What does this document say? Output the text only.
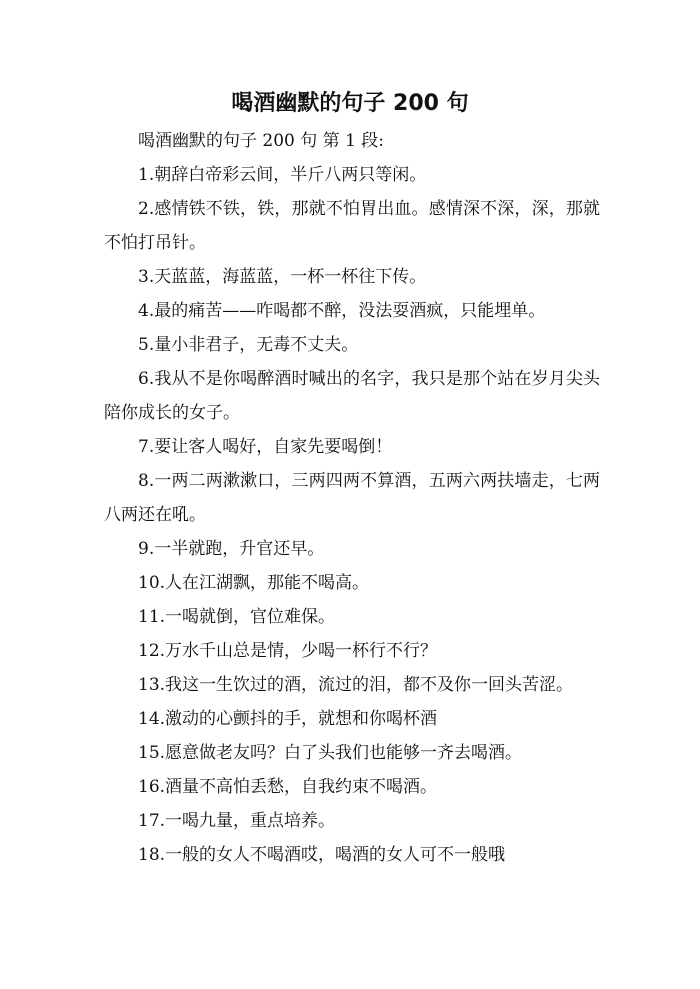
喝酒幽默的句子 200 句

喝酒幽默的句子 200 句 第 1 段:

1.朝辞白帝彩云间，半斤八两只等闲。

2.感情铁不铁，铁，那就不怕胃出血。感情深不深，深，那就不怕打吊针。

3.天蓝蓝，海蓝蓝，一杯一杯往下传。

4.最的痛苦——咋喝都不醉，没法耍酒疯，只能埋单。

5.量小非君子，无毒不丈夫。

6.我从不是你喝醉酒时喊出的名字，我只是那个站在岁月尖头陪你成长的女子。

7.要让客人喝好，自家先要喝倒！

8.一两二两漱漱口，三两四两不算酒，五两六两扶墙走，七两八两还在吼。

9.一半就跑，升官还早。

10.人在江湖飘，那能不喝高。

11.一喝就倒，官位难保。

12.万水千山总是情，少喝一杯行不行？

13.我这一生饮过的酒，流过的泪，都不及你一回头苦涩。

14.激动的心颤抖的手，就想和你喝杯酒

15.愿意做老友吗？白了头我们也能够一齐去喝酒。

16.酒量不高怕丢愁，自我约束不喝酒。

17.一喝九量，重点培养。

18.一般的女人不喝酒哎，喝酒的女人可不一般哦
